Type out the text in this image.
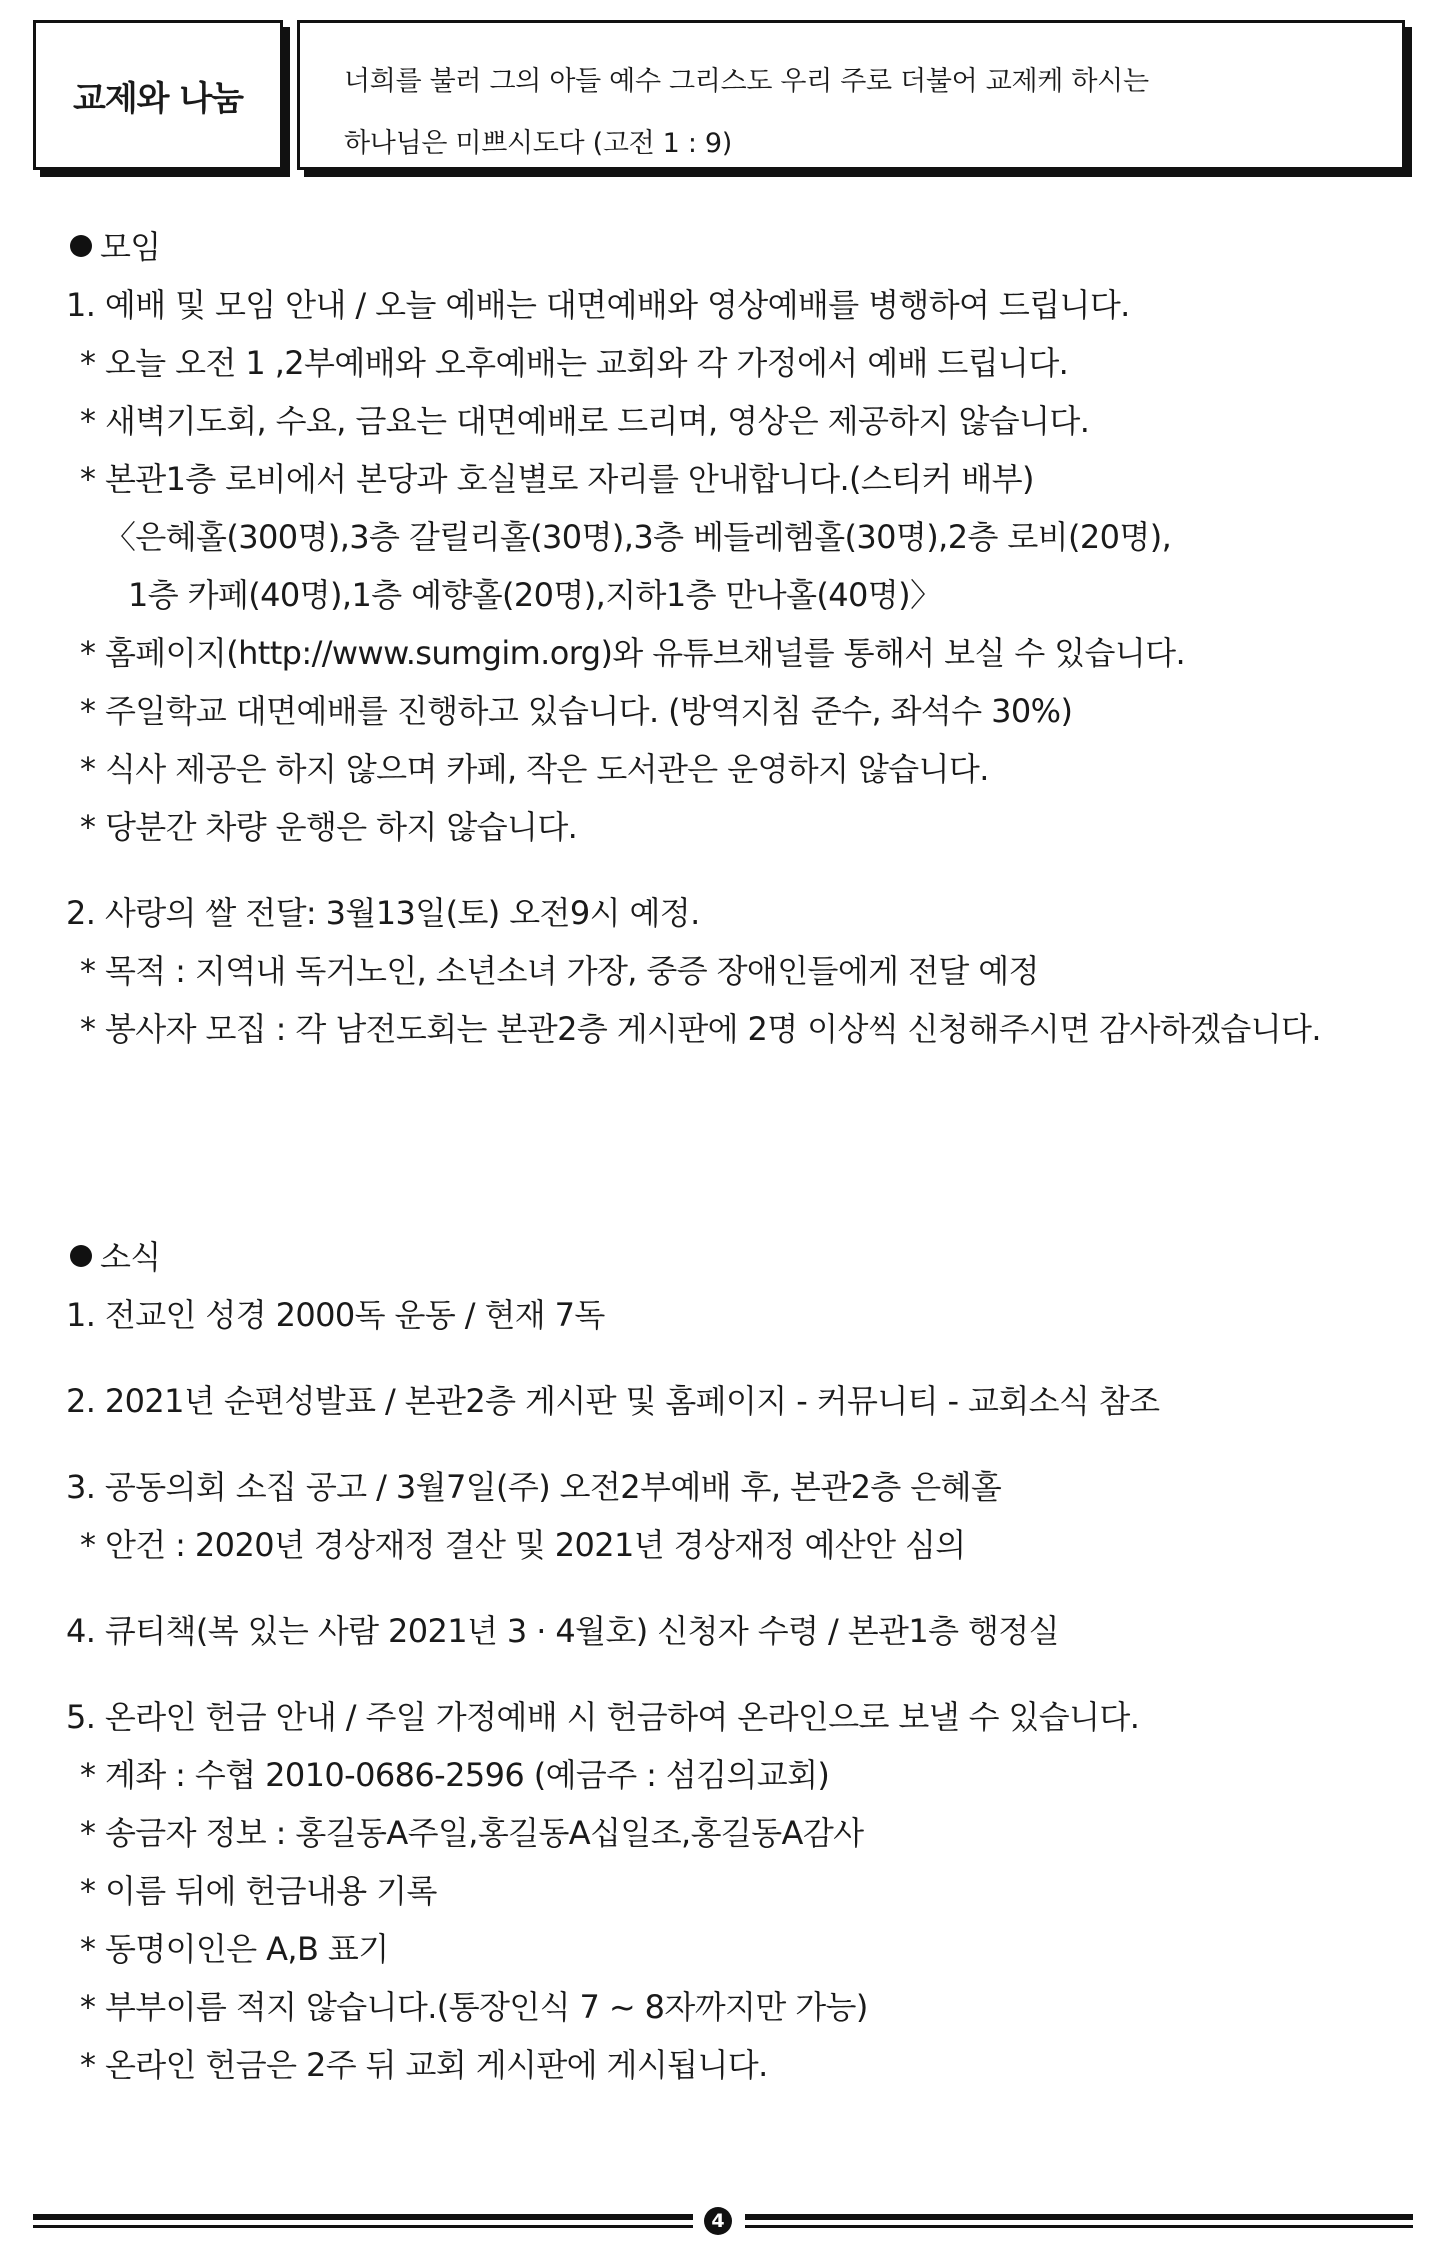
교제와 나눔	너희를 불러 그의 아들 예수 그리스도 우리 주로 더불어 교제케 하시는
하나님은 미쁘시도다 (고전 1 : 9)
모임
1. 예배 및 모임 안내 / 오늘 예배는 대면예배와 영상예배를 병행하여 드립니다.
* 오늘 오전 1 ,2부예배와 오후예배는 교회와 각 가정에서 예배 드립니다.
* 새벽기도회, 수요, 금요는 대면예배로 드리며, 영상은 제공하지 않습니다.
* 본관1층 로비에서 본당과 호실별로 자리를 안내합니다.(스티커 배부)
〈은혜홀(300명),3층 갈릴리홀(30명),3층 베들레헴홀(30명),2층 로비(20명),
1층 카페(40명),1층 예향홀(20명),지하1층 만나홀(40명)〉
* 홈페이지(http://www.sumgim.org)와 유튜브채널를 통해서 보실 수 있습니다.
* 주일학교 대면예배를 진행하고 있습니다. (방역지침 준수, 좌석수 30%)
* 식사 제공은 하지 않으며 카페, 작은 도서관은 운영하지 않습니다.
* 당분간 차량 운행은 하지 않습니다.
2. 사랑의 쌀 전달: 3월13일(토) 오전9시 예정.
* 목적 : 지역내 독거노인, 소년소녀 가장, 중증 장애인들에게 전달 예정
* 봉사자 모집 : 각 남전도회는 본관2층 게시판에 2명 이상씩 신청해주시면 감사하겠습니다.
소식
1. 전교인 성경 2000독 운동 / 현재 7독
2. 2021년 순편성발표 / 본관2층 게시판 및 홈페이지 - 커뮤니티 - 교회소식 참조
3. 공동의회 소집 공고 / 3월7일(주) 오전2부예배 후, 본관2층 은혜홀
* 안건 : 2020년 경상재정 결산 및 2021년 경상재정 예산안 심의
4. 큐티책(복 있는 사람 2021년 3 · 4월호) 신청자 수령 / 본관1층 행정실
5. 온라인 헌금 안내 / 주일 가정예배 시 헌금하여 온라인으로 보낼 수 있습니다.
* 계좌 : 수협 2010-0686-2596 (예금주 : 섬김의교회)
* 송금자 정보 : 홍길동A주일,홍길동A십일조,홍길동A감사
* 이름 뒤에 헌금내용 기록
* 동명이인은 A,B 표기
* 부부이름 적지 않습니다.(통장인식 7 ~ 8자까지만 가능)
* 온라인 헌금은 2주 뒤 교회 게시판에 게시됩니다.
4
